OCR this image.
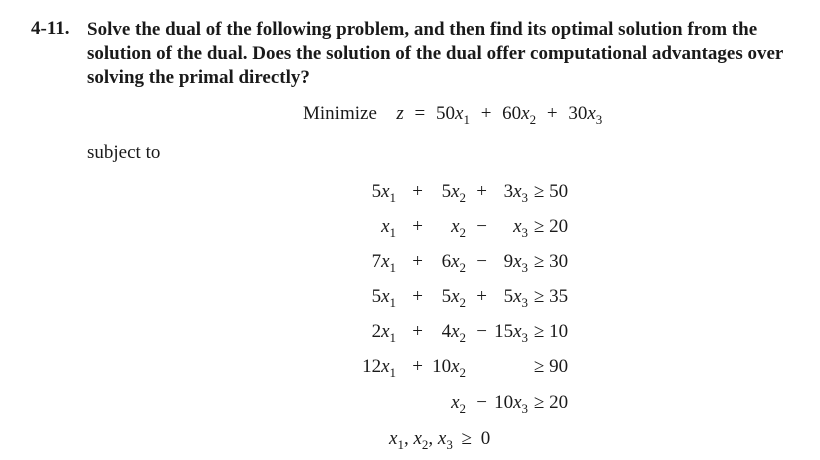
4-11. Solve the dual of the following problem, and then find its optimal solution from the
solution of the dual. Does the solution of the dual offer computational advantages over
solving the primal directly?
Minimize $z = 50x_1 + 60x_2 + 30x_3$
subject to
$5x_1 + 5x_2 + 3x_3 \ge 50$
$x_1 + x_2 - x_3 \ge 20$
$7x_1 + 6x_2 - 9x_3 \ge 30$
$5x_1 + 5x_2 + 5x_3 \ge 35$
$2x_1 + 4x_2 - 15x_3 \ge 10$
$12x_1 + 10x_2$	≥ 90
$x_2 - 10x_3 \ge 20$
$x_1$, $x_2$, $x_3 \ge 0$
